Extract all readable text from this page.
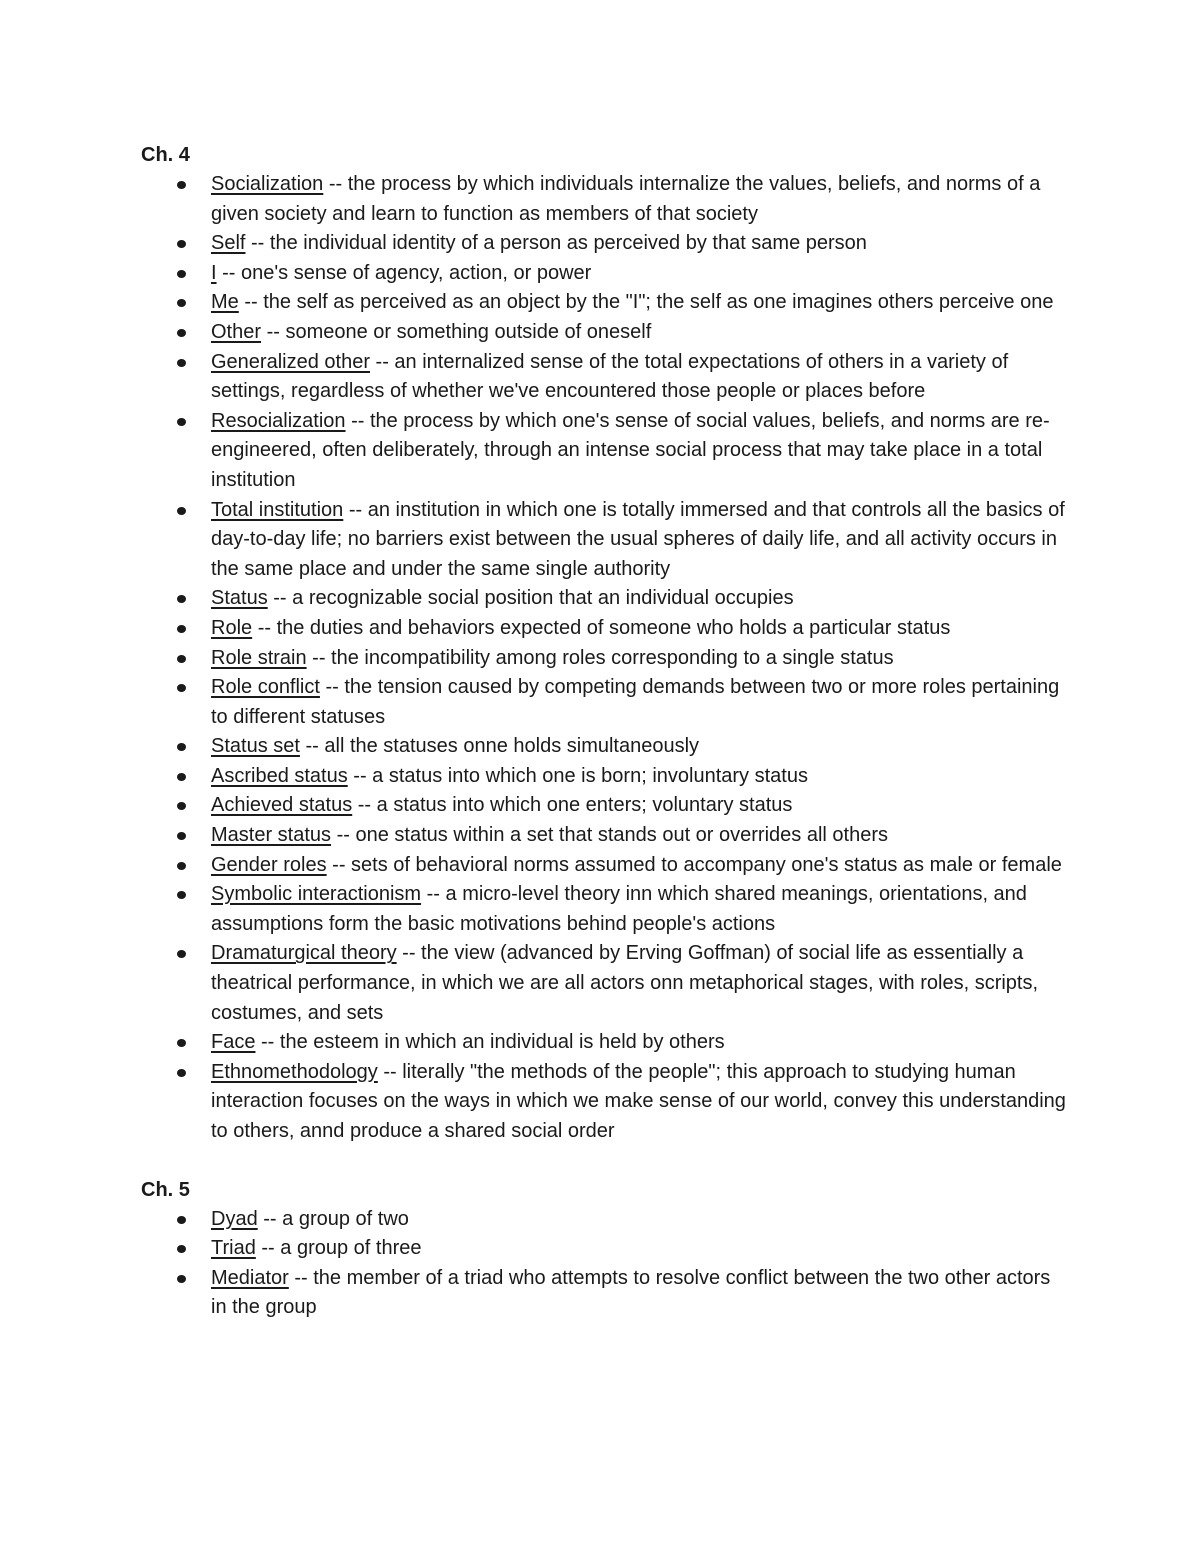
Ch. 4
Socialization -- the process by which individuals internalize the values, beliefs, and norms of a given society and learn to function as members of that society
Self -- the individual identity of a person as perceived by that same person
I -- one's sense of agency, action, or power
Me -- the self as perceived as an object by the "I"; the self as one imagines others perceive one
Other -- someone or something outside of oneself
Generalized other -- an internalized sense of the total expectations of others in a variety of settings, regardless of whether we've encountered those people or places before
Resocialization -- the process by which one's sense of social values, beliefs, and norms are re-engineered, often deliberately, through an intense social process that may take place in a total institution
Total institution -- an institution in which one is totally immersed and that controls all the basics of day-to-day life; no barriers exist between the usual spheres of daily life, and all activity occurs in the same place and under the same single authority
Status -- a recognizable social position that an individual occupies
Role -- the duties and behaviors expected of someone who holds a particular status
Role strain -- the incompatibility among roles corresponding to a single status
Role conflict -- the tension caused by competing demands between two or more roles pertaining to different statuses
Status set -- all the statuses onne holds simultaneously
Ascribed status -- a status into which one is born; involuntary status
Achieved status -- a status into which one enters; voluntary status
Master status -- one status within a set that stands out or overrides all others
Gender roles -- sets of behavioral norms assumed to accompany one's status as male or female
Symbolic interactionism -- a micro-level theory inn which shared meanings, orientations, and assumptions form the basic motivations behind people's actions
Dramaturgical theory -- the view (advanced by Erving Goffman) of social life as essentially a theatrical performance, in which we are all actors onn metaphorical stages, with roles, scripts, costumes, and sets
Face -- the esteem in which an individual is held by others
Ethnomethodology -- literally "the methods of the people"; this approach to studying human interaction focuses on the ways in which we make sense of our world, convey this understanding to others, annd produce a shared social order
Ch. 5
Dyad -- a group of two
Triad -- a group of three
Mediator -- the member of a triad who attempts to resolve conflict between the two other actors in the group
